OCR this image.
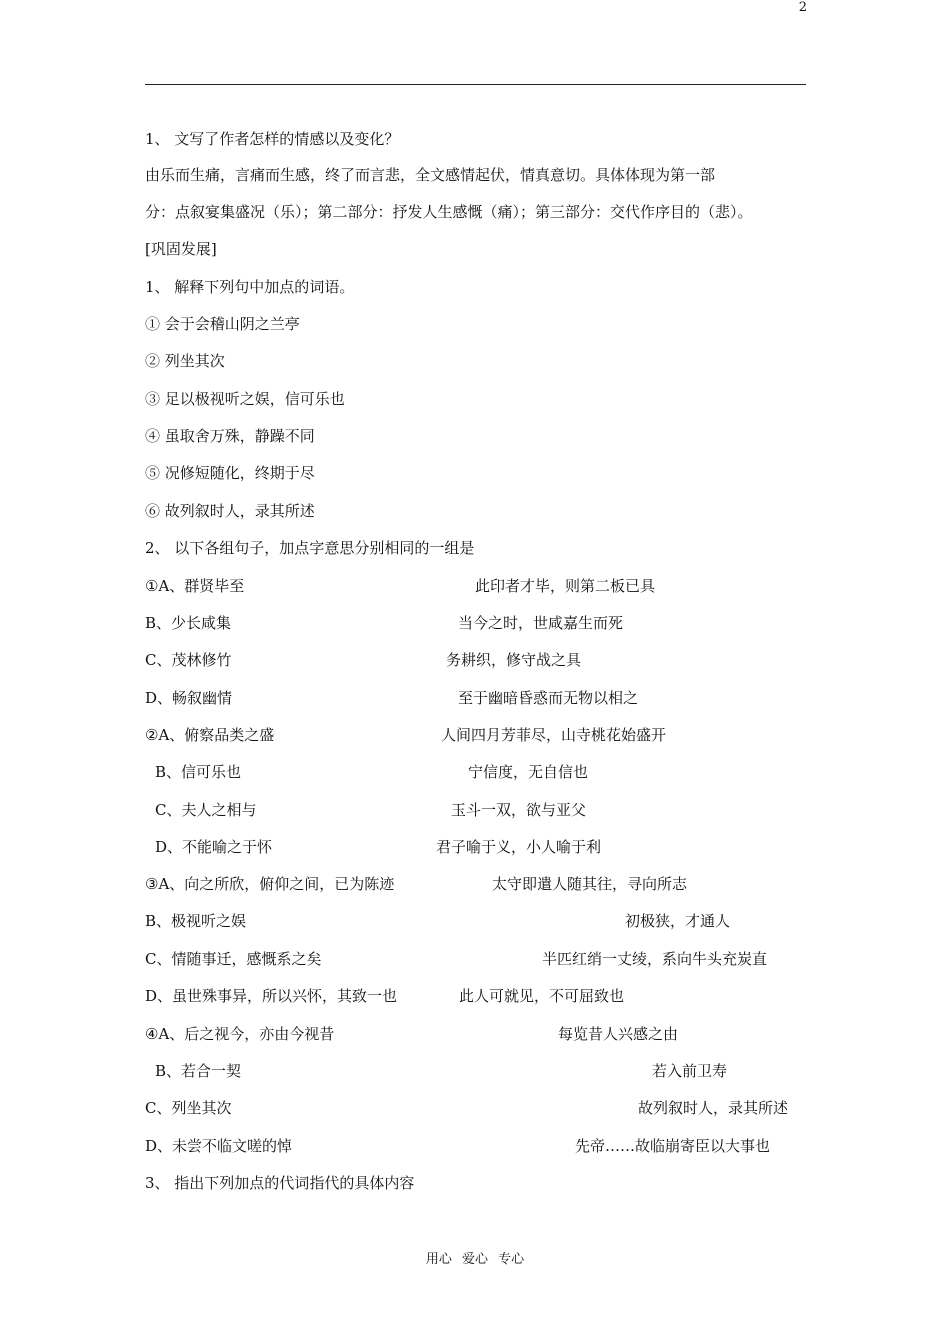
2
1、 文写了作者怎样的情感以及变化？
由乐而生痛，言痛而生感，终了而言悲，全文感情起伏，情真意切。具体体现为第一部
分：点叙宴集盛况（乐）；第二部分：抒发人生感慨（痛）；第三部分：交代作序目的（悲）。
[巩固发展]
1、 解释下列句中加点的词语。
① 会于会稽山阴之兰亭
② 列坐其次
③ 足以极视听之娱，信可乐也
④ 虽取舍万殊，静躁不同
⑤ 况修短随化，终期于尽
⑥ 故列叙时人，录其所述
2、 以下各组句子，加点字意思分别相同的一组是
①A、群贤毕至	此印者才毕，则第二板已具
B、少长咸集	当今之时，世咸嘉生而死
C、茂林修竹	务耕织，修守战之具
D、畅叙幽情	至于幽暗昏惑而无物以相之
②A、俯察品类之盛	人间四月芳菲尽，山寺桃花始盛开
B、信可乐也	宁信度，无自信也
C、夫人之相与	玉斗一双，欲与亚父
D、不能喻之于怀	君子喻于义，小人喻于利
③A、向之所欣，俯仰之间，已为陈迹	太守即遣人随其往，寻向所志
B、极视听之娱	初极狭，才通人
C、情随事迁，感慨系之矣	半匹红绡一丈绫，系向牛头充炭直
D、虽世殊事异，所以兴怀，其致一也	此人可就见，不可屈致也
④A、后之视今，亦由今视昔	每览昔人兴感之由
B、若合一契	若入前卫寿
C、列坐其次	故列叙时人，录其所述
D、未尝不临文嗟的悼	先帝……故临崩寄臣以大事也
3、 指出下列加点的代词指代的具体内容
用心 爱心 专心
